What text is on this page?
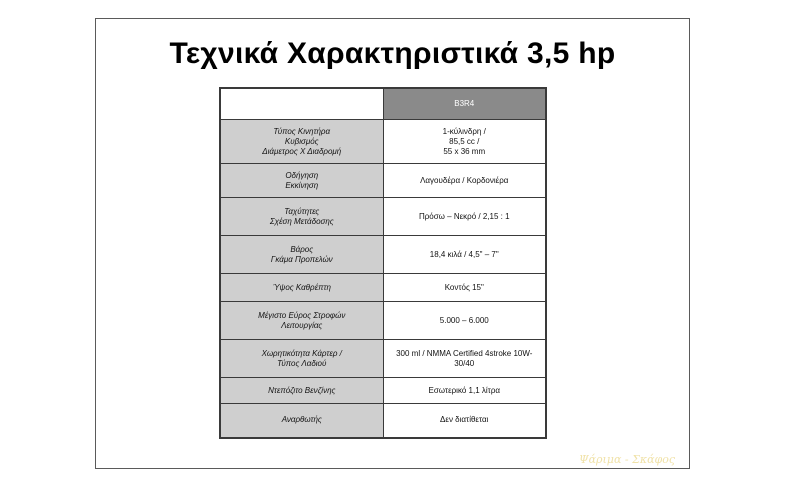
Τεχνικά Χαρακτηριστικά 3,5 hp
	B3R4

Τύπος Κινητήρα
Κυβισμός
Διάμετρος Χ Διαδρομή	1-κύλινδρη /
85,5 cc /
55 x 36 mm

Οδήγηση
Εκκίνηση	Λαγουδέρα / Κορδονιέρα

Ταχύτητες
Σχέση Μετάδοσης	Πρόσω – Νεκρό / 2,15 : 1

Βάρος
Γκάμα Προπελών	18,4 κιλά / 4,5" – 7"

Ύψος Καθρέπτη	Κοντός 15"

Μέγιστο Εύρος Στροφών
Λειτουργίας	5.000 – 6.000

Χωρητικότητα Κάρτερ /
Τύπος Λαδιού	300 ml / NMMA Certified 4stroke 10W-30/40

Ντεπόζιτο Βενζίνης	Εσωτερικό 1,1 λίτρα

Αναρθωτής	Δεν διατίθεται
Ψάριμα - Σκάφος
